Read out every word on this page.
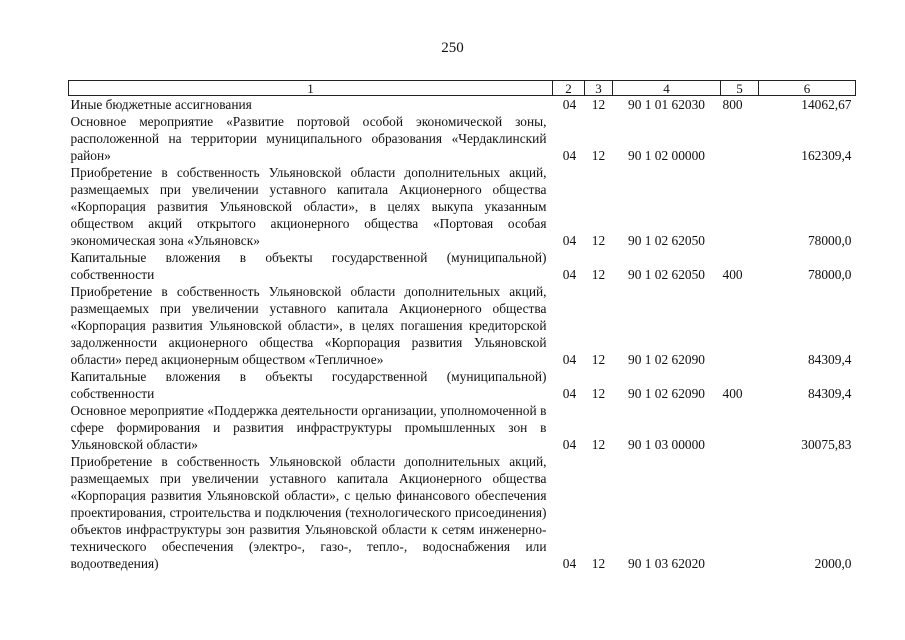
250
1	2	3	4	5	6
Иные бюджетные ассигнования	04	12	90 1 01 62030	800	14062,67
Основное мероприятие «Развитие портовой особой экономической зоны, расположенной на территории муниципального образования «Чердаклинский район»	04	12	90 1 02 00000		162309,4
Приобретение в собственность Ульяновской области дополнительных акций, размещаемых при увеличении уставного капитала Акционерного общества «Корпорация развития Ульяновской области», в целях выкупа указанным обществом акций открытого акционерного общества «Портовая особая экономическая зона «Ульяновск»	04	12	90 1 02 62050		78000,0
Капитальные вложения в объекты государственной (муниципальной) собственности	04	12	90 1 02 62050	400	78000,0
Приобретение в собственность Ульяновской области дополнительных акций, размещаемых при увеличении уставного капитала Акционерного общества «Корпорация развития Ульяновской области», в целях погашения кредиторской задолженности акционерного общества «Корпорация развития Ульяновской области» перед акционерным обществом «Тепличное»	04	12	90 1 02 62090		84309,4
Капитальные вложения в объекты государственной (муниципальной) собственности	04	12	90 1 02 62090	400	84309,4
Основное мероприятие «Поддержка деятельности организации, уполномоченной в сфере формирования и развития инфраструктуры промышленных зон в Ульяновской области»	04	12	90 1 03 00000		30075,83
Приобретение в собственность Ульяновской области дополнительных акций, размещаемых при увеличении уставного капитала Акционерного общества «Корпорация развития Ульяновской области», с целью финансового обеспечения проектирования, строительства и подключения (технологического присоединения) объектов инфраструктуры зон развития Ульяновской области к сетям инженерно-технического обеспечения (электро-, газо-, тепло-, водоснабжения или водоотведения)	04	12	90 1 03 62020		2000,0
